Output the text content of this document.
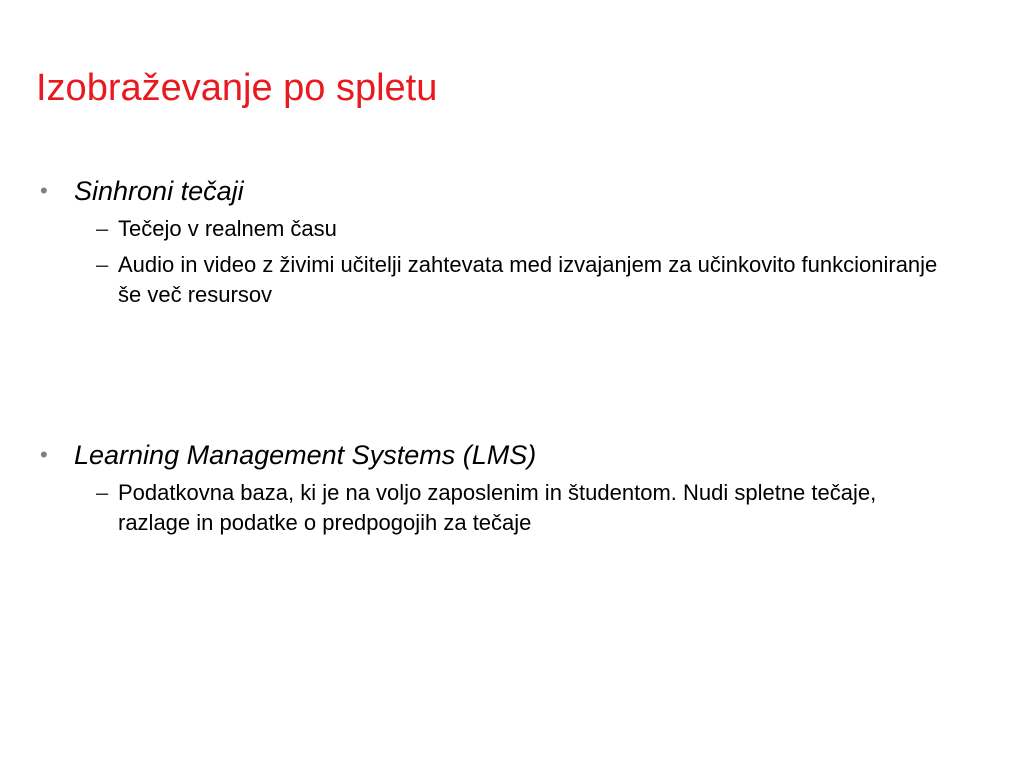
Izobraževanje po spletu
• Sinhroni tečaji
– Tečejo v realnem času
– Audio in video z živimi učitelji zahtevata med izvajanjem za učinkovito funkcioniranje še več resursov
• Learning Management Systems (LMS)
– Podatkovna baza, ki je na voljo zaposlenim in študentom. Nudi spletne tečaje, razlage in podatke o predpogojih za tečaje
